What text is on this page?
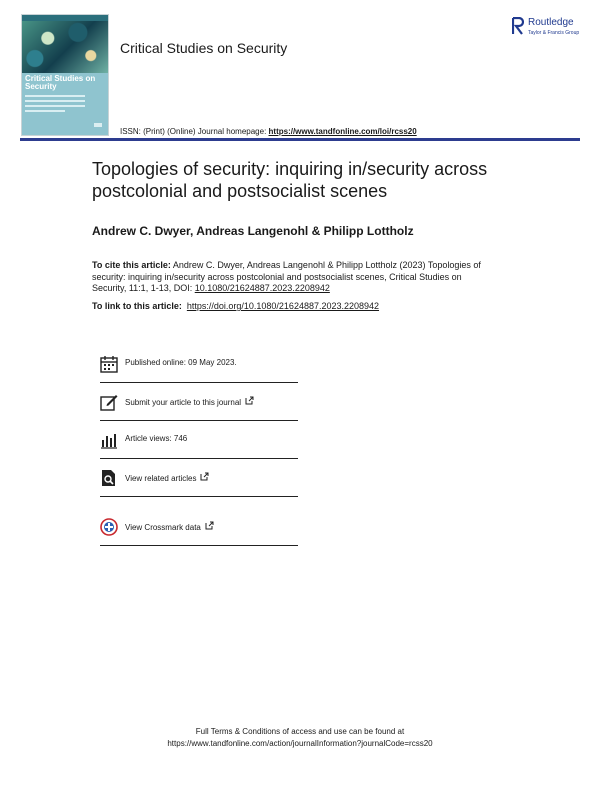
Critical Studies on Security
Critical Studies on Security
ISSN: (Print) (Online) Journal homepage: https://www.tandfonline.com/loi/rcss20
Routledge
Taylor & Francis Group
Topologies of security: inquiring in/security across postcolonial and postsocialist scenes
Andrew C. Dwyer, Andreas Langenohl & Philipp Lottholz
To cite this article: Andrew C. Dwyer, Andreas Langenohl & Philipp Lottholz (2023) Topologies of security: inquiring in/security across postcolonial and postsocialist scenes, Critical Studies on Security, 11:1, 1-13, DOI: 10.1080/21624887.2023.2208942
To link to this article: https://doi.org/10.1080/21624887.2023.2208942
Published online: 09 May 2023.
Submit your article to this journal
Article views: 746
View related articles
View Crossmark data
Full Terms & Conditions of access and use can be found at
https://www.tandfonline.com/action/journalInformation?journalCode=rcss20
